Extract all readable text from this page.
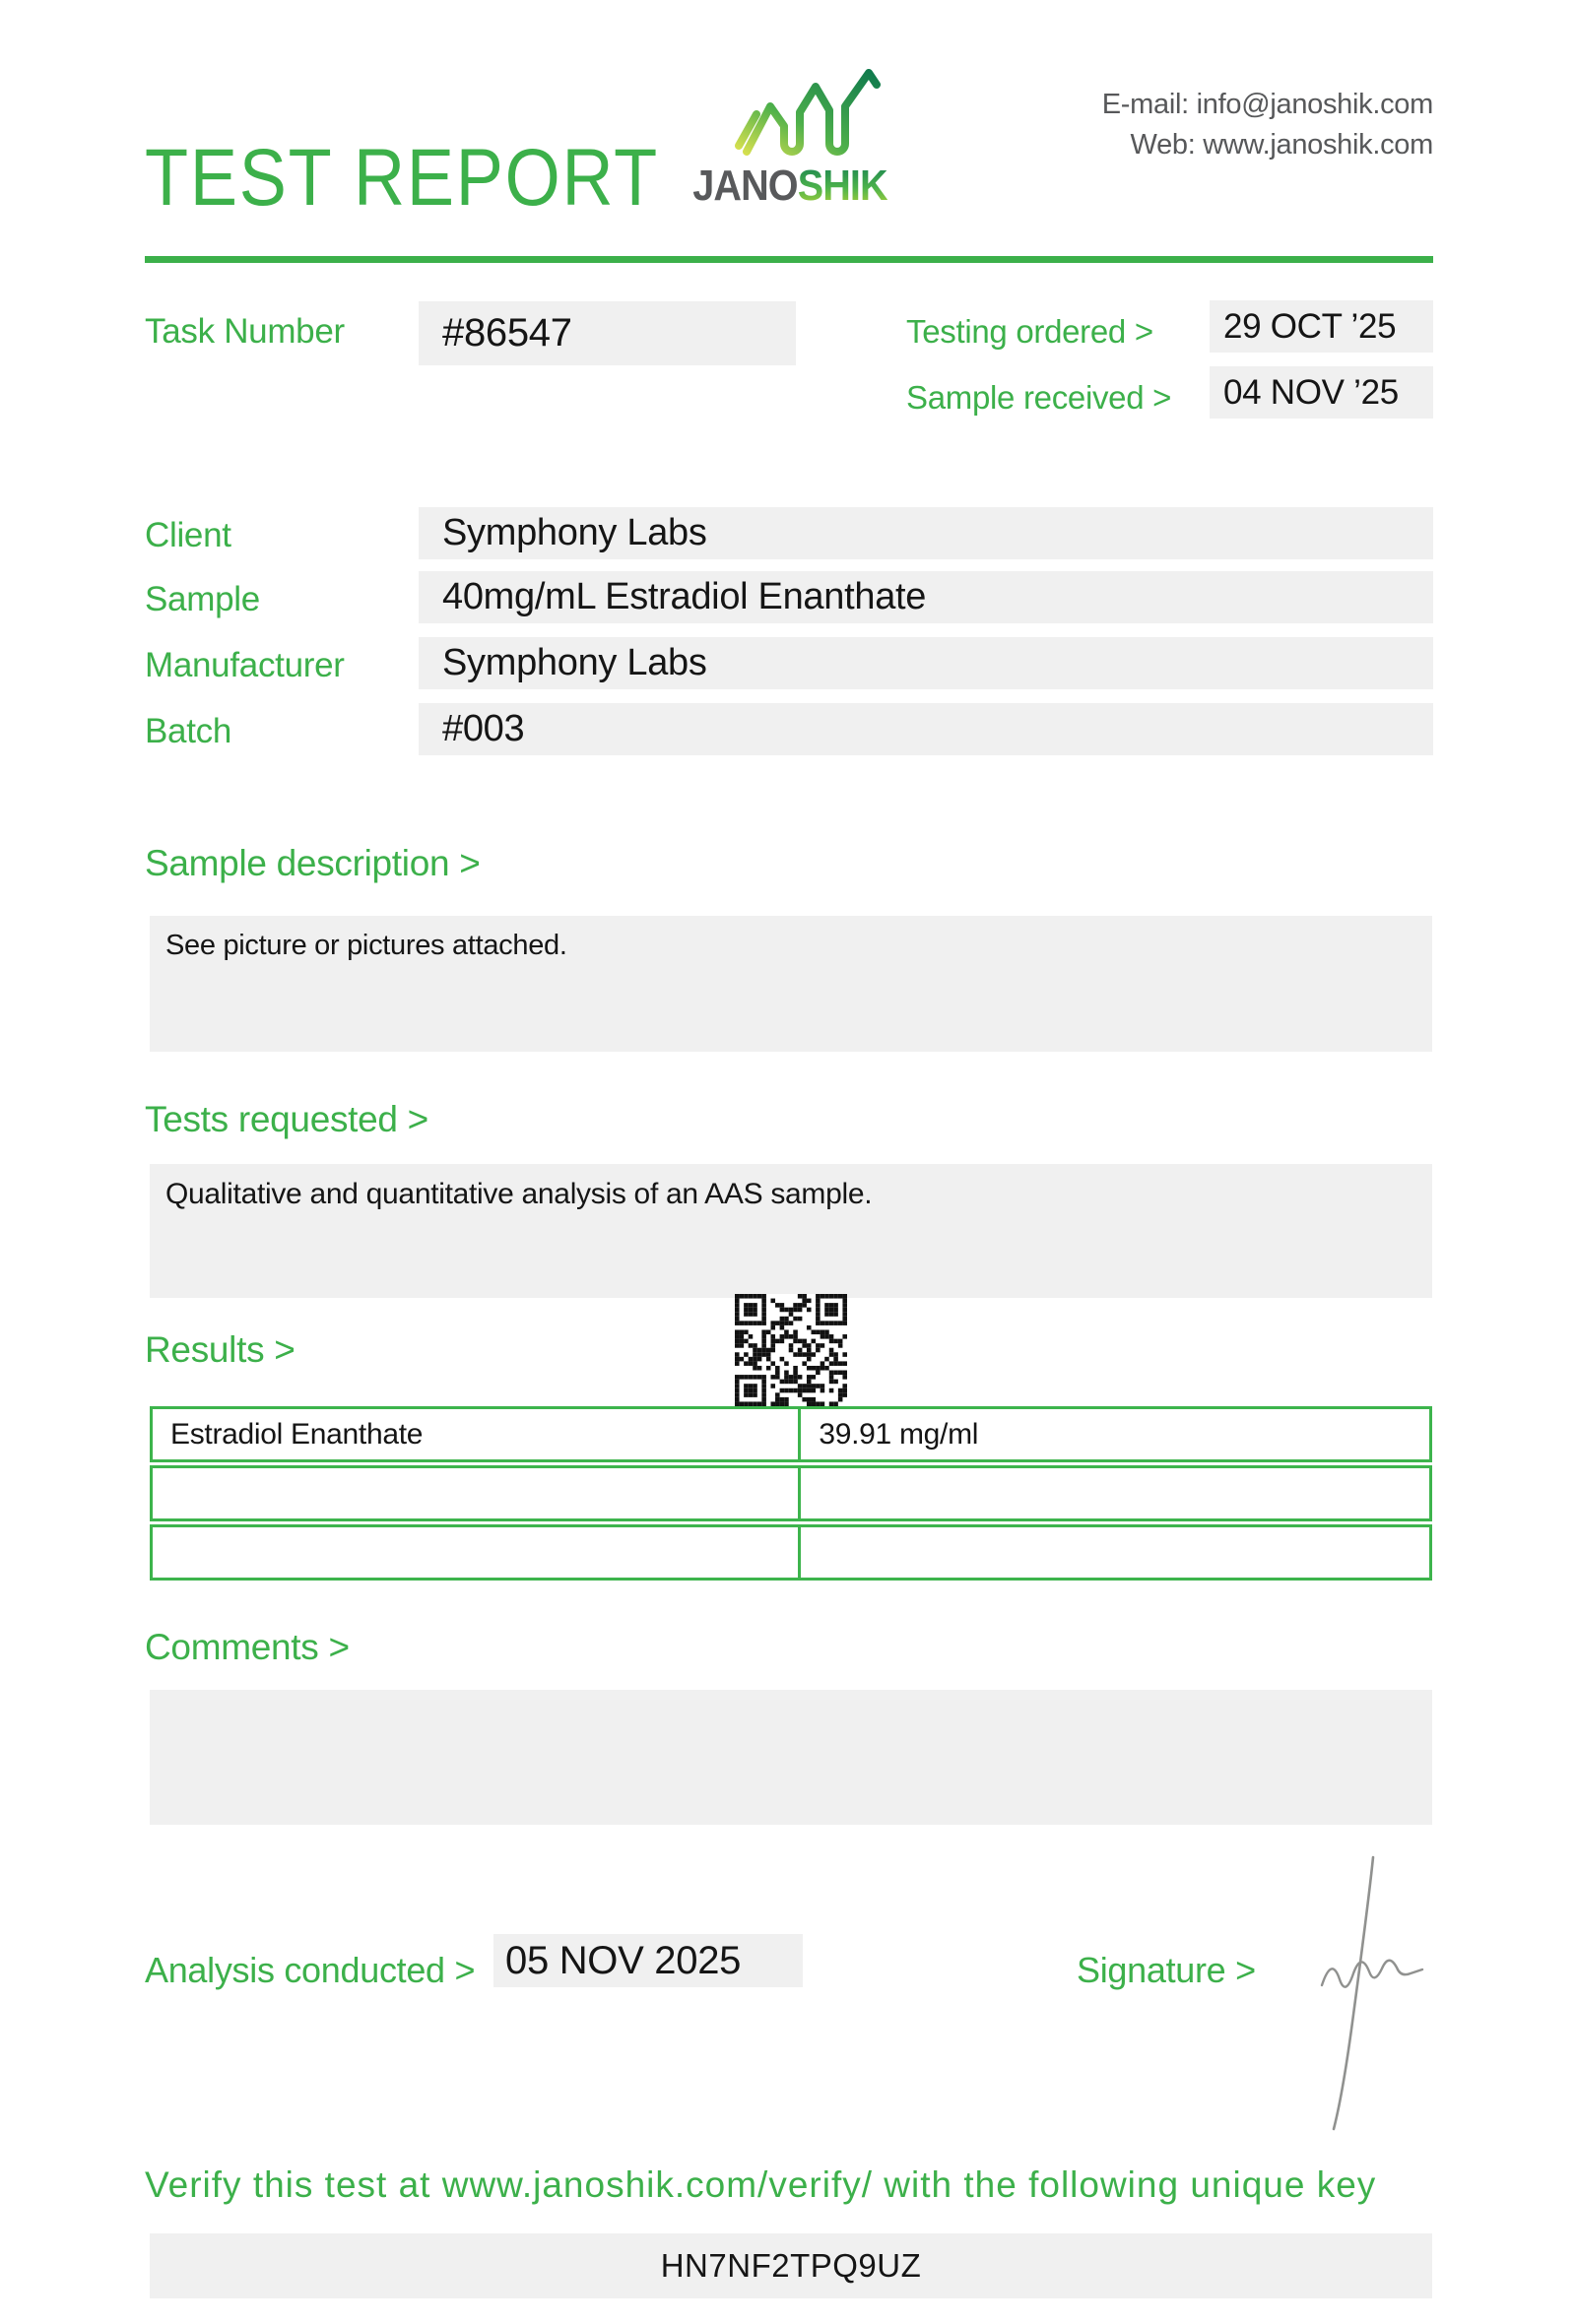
TEST REPORT JANOSHIK
E-mail: info@janoshik.com
Web: www.janoshik.com
Task Number	#86547	Testing ordered >	29 OCT ’25
Sample received >	04 NOV ’25
Client	Symphony Labs
Sample	40mg/mL Estradiol Enanthate
Manufacturer	Symphony Labs
Batch	#003
Sample description >
See picture or pictures attached.
Tests requested >
Qualitative and quantitative analysis of an AAS sample.
Results >
Estradiol Enanthate	39.91 mg/ml
Comments >
Analysis conducted > 05 NOV 2025	Signature >
Verify this test at www.janoshik.com/verify/ with the following unique key
HN7NF2TPQ9UZ
